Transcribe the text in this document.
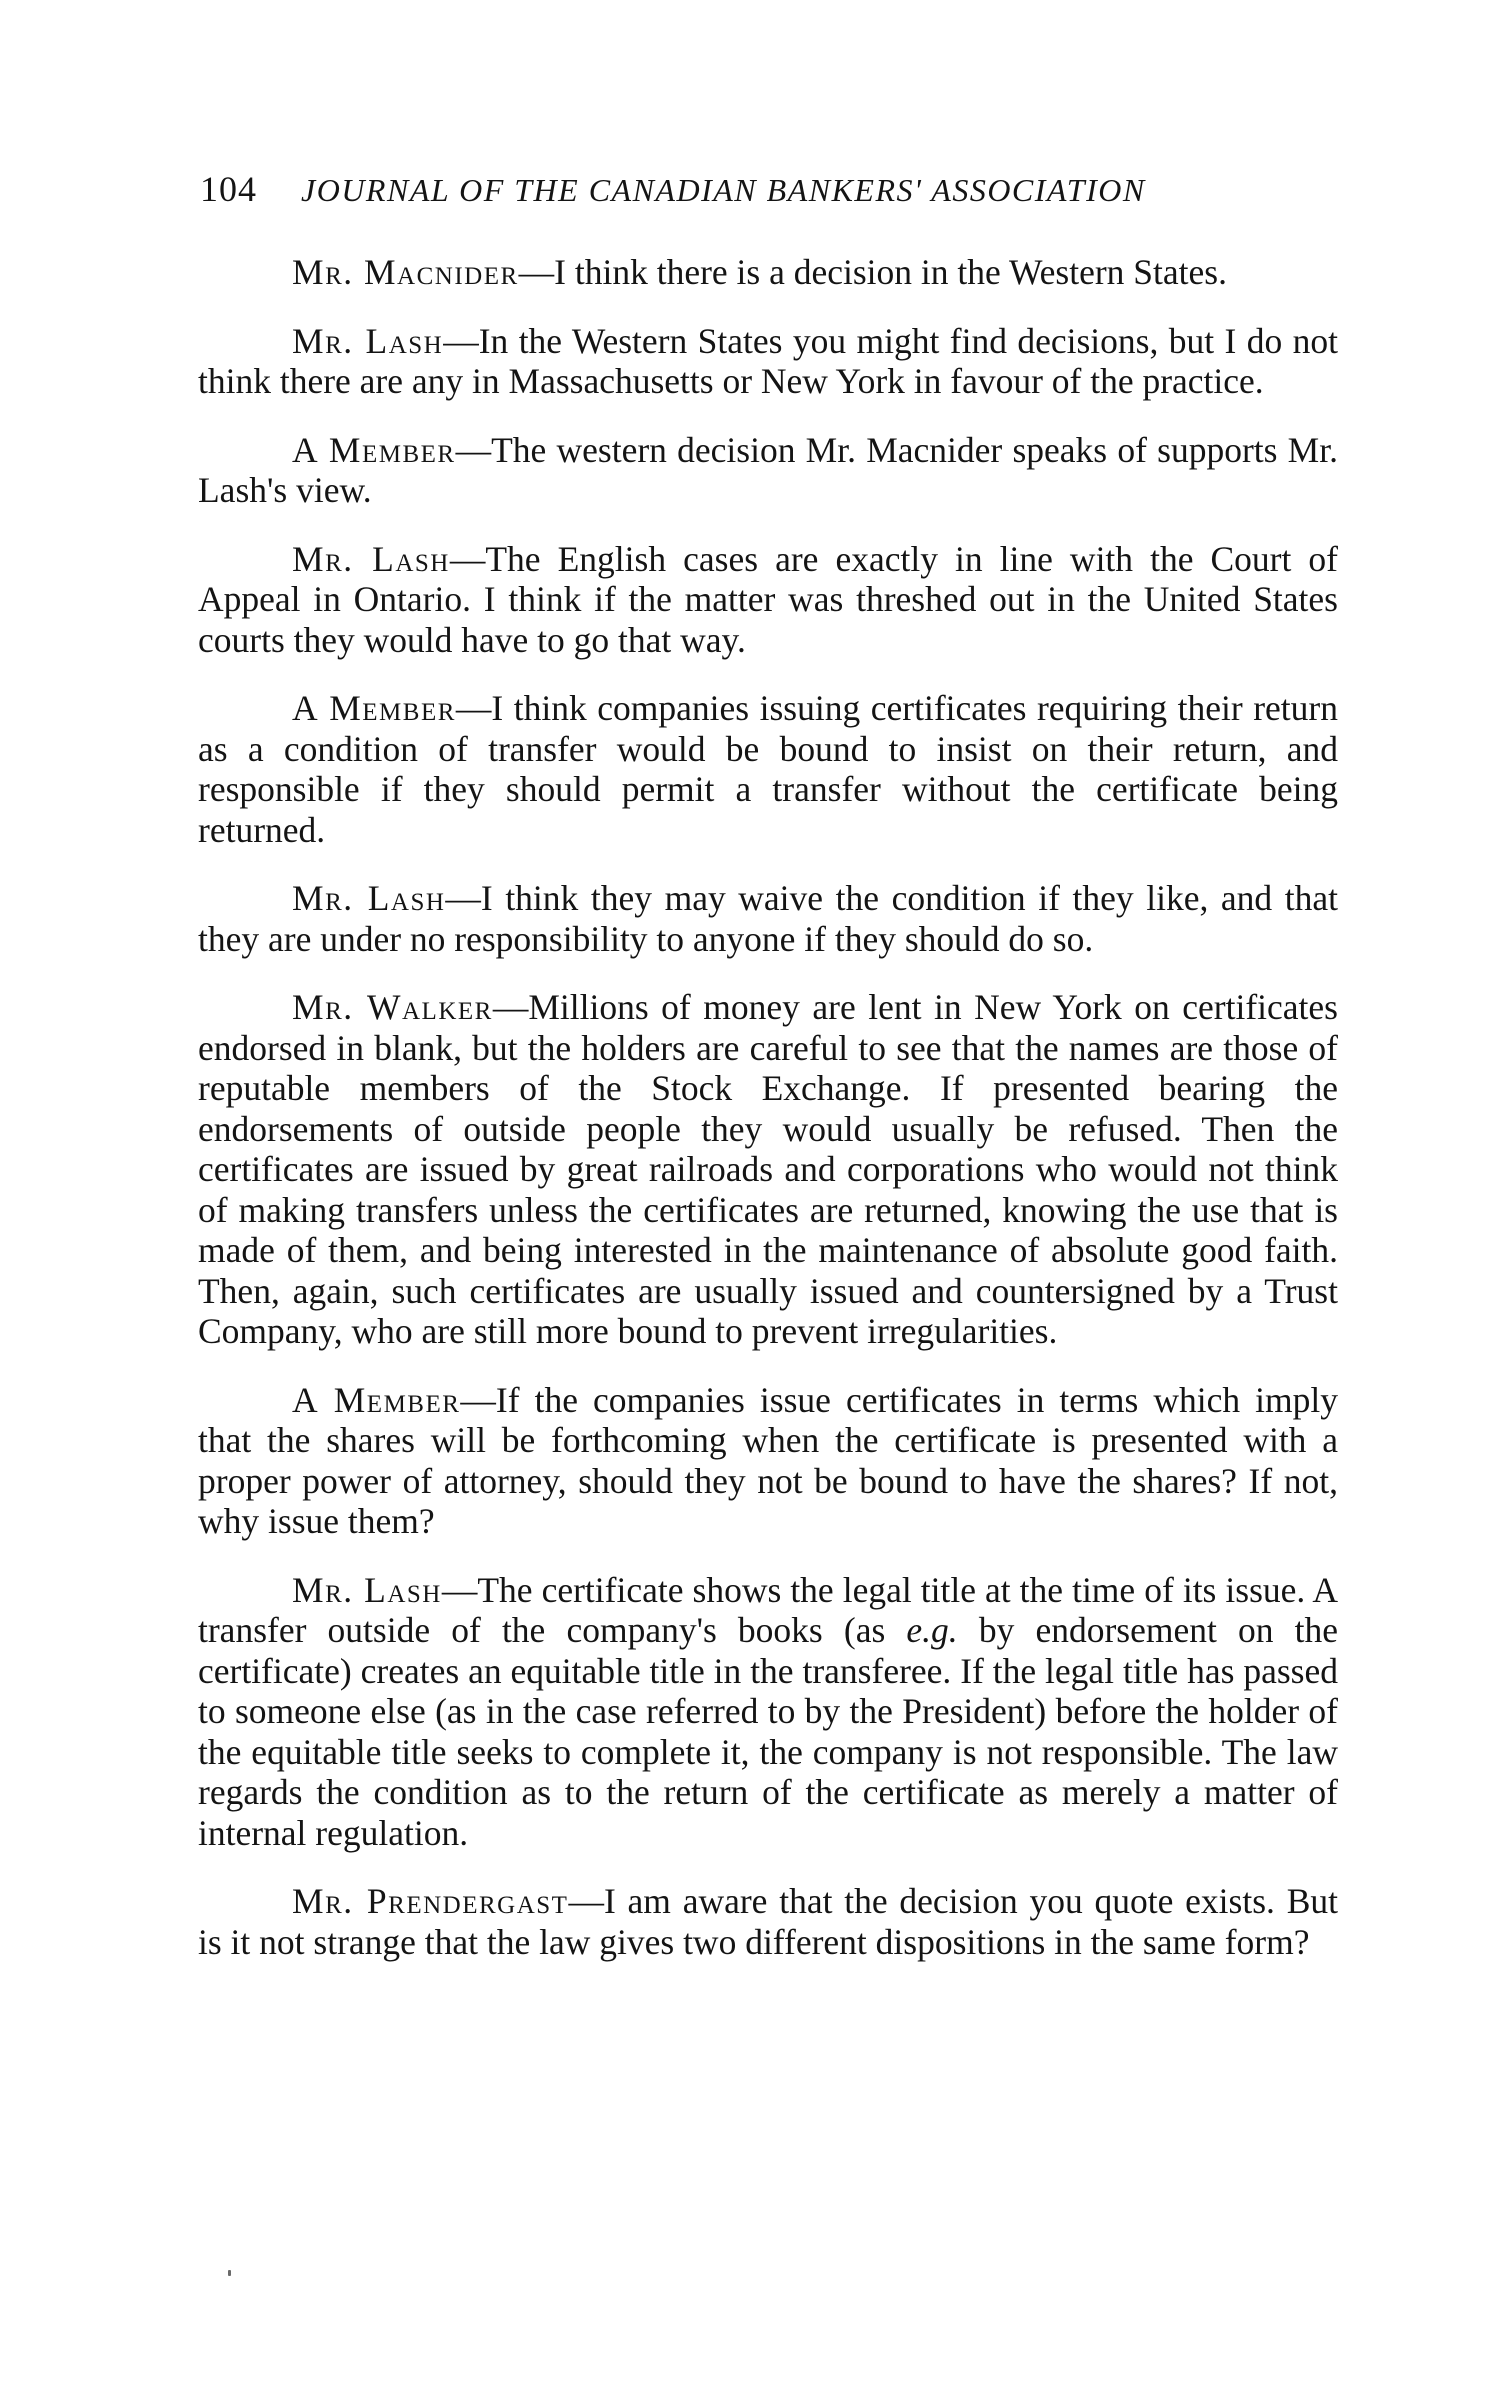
104 JOURNAL OF THE CANADIAN BANKERS' ASSOCIATION

Mr. Macnider—I think there is a decision in the Western States.

Mr. Lash—In the Western States you might find decisions, but I do not think there are any in Massachusetts or New York in favour of the practice.

A Member—The western decision Mr. Macnider speaks of supports Mr. Lash's view.

Mr. Lash—The English cases are exactly in line with the Court of Appeal in Ontario. I think if the matter was threshed out in the United States courts they would have to go that way.

A Member—I think companies issuing certificates requiring their return as a condition of transfer would be bound to insist on their return, and responsible if they should permit a transfer without the certificate being returned.

Mr. Lash—I think they may waive the condition if they like, and that they are under no responsibility to anyone if they should do so.

Mr. Walker—Millions of money are lent in New York on certificates endorsed in blank, but the holders are careful to see that the names are those of reputable members of the Stock Exchange. If presented bearing the endorsements of outside people they would usually be refused. Then the certificates are issued by great railroads and corporations who would not think of making transfers unless the certificates are returned, knowing the use that is made of them, and being interested in the maintenance of absolute good faith. Then, again, such certificates are usually issued and countersigned by a Trust Company, who are still more bound to prevent irregularities.

A Member—If the companies issue certificates in terms which imply that the shares will be forthcoming when the certificate is presented with a proper power of attorney, should they not be bound to have the shares? If not, why issue them?

Mr. Lash—The certificate shows the legal title at the time of its issue. A transfer outside of the company's books (as e.g. by endorsement on the certificate) creates an equitable title in the transferee. If the legal title has passed to someone else (as in the case referred to by the President) before the holder of the equitable title seeks to complete it, the company is not responsible. The law regards the condition as to the return of the certificate as merely a matter of internal regulation.

Mr. Prendergast—I am aware that the decision you quote exists. But is it not strange that the law gives two different dispositions in the same form?
